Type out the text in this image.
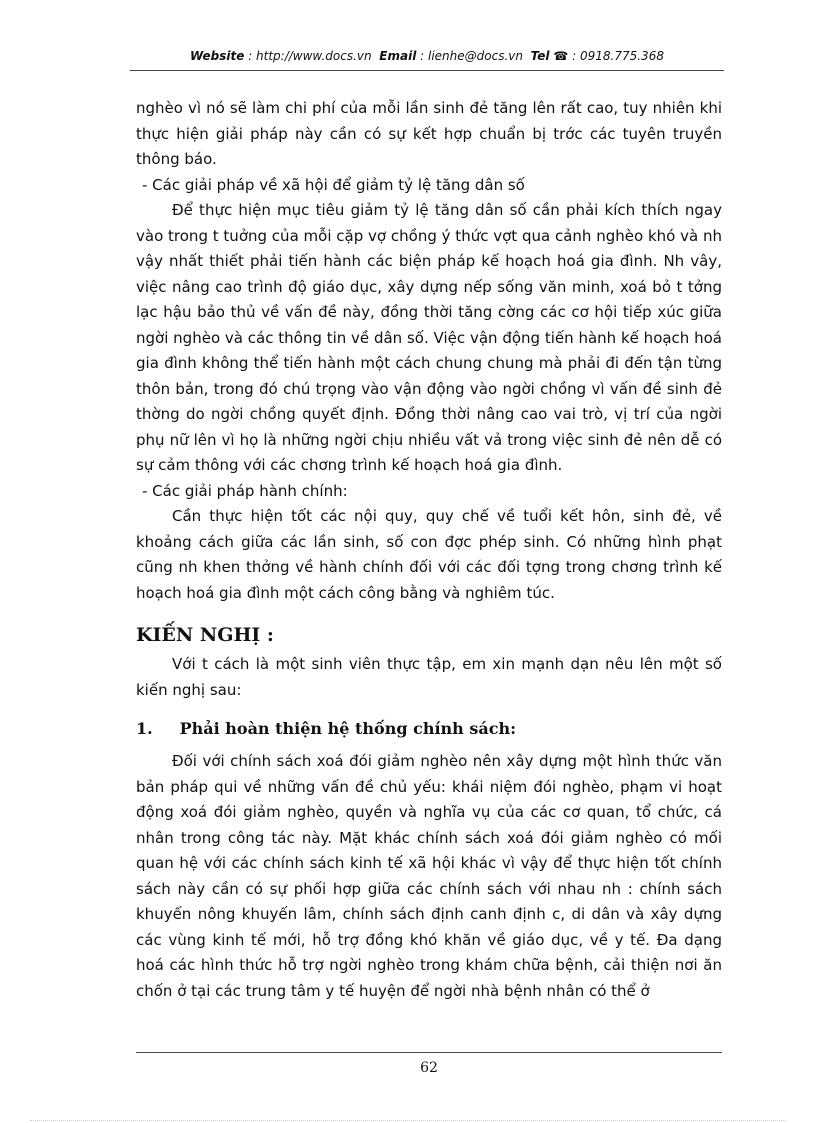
Website : http://www.docs.vn Email : lienhe@docs.vn Tel ☎ : 0918.775.368

nghèo vì nó sẽ làm chi phí của mỗi lần sinh đẻ tăng lên rất cao, tuy nhiên khi thực hiện giải pháp này cần có sự kết hợp chuẩn bị trớc các tuyên truyền thông báo.

- Các giải pháp về xã hội để giảm tỷ lệ tăng dân số

Để thực hiện mục tiêu giảm tỷ lệ tăng dân số cần phải kích thích ngay vào trong t tuởng của mỗi cặp vợ chồng ý thức vợt qua cảnh nghèo khó và nh vậy nhất thiết phải tiến hành các biện pháp kế hoạch hoá gia đình. Nh vây, việc nâng cao trình độ giáo dục, xây dựng nếp sống văn minh, xoá bỏ t tởng lạc hậu bảo thủ về vấn đề này, đồng thời tăng cờng các cơ hội tiếp xúc giữa ngời nghèo và các thông tin về dân số. Việc vận động tiến hành kế hoạch hoá gia đình không thể tiến hành một cách chung chung mà phải đi đến tận từng thôn bản, trong đó chú trọng vào vận động vào ngời chồng vì vấn đề sinh đẻ thờng do ngời chồng quyết định. Đồng thời nâng cao vai trò, vị trí của ngời phụ nữ lên vì họ là những ngời chịu nhiều vất vả trong việc sinh đẻ nên dễ có sự cảm thông với các chơng trình kế hoạch hoá gia đình.

- Các giải pháp hành chính:

Cần thực hiện tốt các nội quy, quy chế về tuổi kết hôn, sinh đẻ, về khoảng cách giữa các lần sinh, số con đợc phép sinh. Có những hình phạt cũng nh khen thởng về hành chính đối với các đối tợng trong chơng trình kế hoạch hoá gia đình một cách công bằng và nghiêm túc.

KIẾN NGHỊ :

Với t cách là một sinh viên thực tập, em xin mạnh dạn nêu lên một số kiến nghị sau:

1. Phải hoàn thiện hệ thống chính sách:

Đối với chính sách xoá đói giảm nghèo nên xây dựng một hình thức văn bản pháp qui về những vấn đề chủ yếu: khái niệm đói nghèo, phạm vi hoạt động xoá đói giảm nghèo, quyền và nghĩa vụ của các cơ quan, tổ chức, cá nhân trong công tác này. Mặt khác chính sách xoá đói giảm nghèo có mối quan hệ với các chính sách kinh tế xã hội khác vì vậy để thực hiện tốt chính sách này cần có sự phối hợp giữa các chính sách với nhau nh : chính sách khuyến nông khuyến lâm, chính sách định canh định c, di dân và xây dựng các vùng kinh tế mới, hỗ trợ đồng khó khăn về giáo dục, về y tế. Đa dạng hoá các hình thức hỗ trợ ngời nghèo trong khám chữa bệnh, cải thiện nơi ăn chốn ở tại các trung tâm y tế huyện để ngời nhà bệnh nhân có thể ở

62
